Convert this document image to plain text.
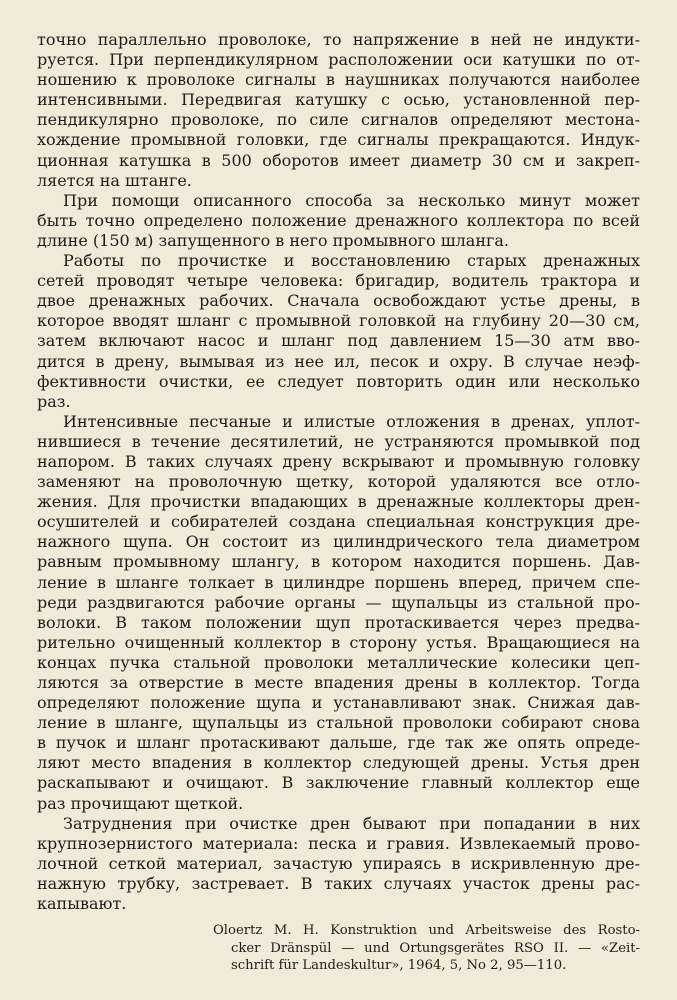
точно параллельно проволоке, то напряжение в ней не индукти-
руется. При перпендикулярном расположении оси катушки по от-
ношению к проволоке сигналы в наушниках получаются наиболее
интенсивными. Передвигая катушку с осью, установленной пер-
пендикулярно проволоке, по силе сигналов определяют местона-
хождение промывной головки, где сигналы прекращаются. Индук-
ционная катушка в 500 оборотов имеет диаметр 30 см и закреп-
ляется на штанге.
При помощи описанного способа за несколько минут может
быть точно определено положение дренажного коллектора по всей
длине (150 м) запущенного в него промывного шланга.
Работы по прочистке и восстановлению старых дренажных
сетей проводят четыре человека: бригадир, водитель трактора и
двое дренажных рабочих. Сначала освобождают устье дрены, в
которое вводят шланг с промывной головкой на глубину 20—30 см,
затем включают насос и шланг под давлением 15—30 атм вво-
дится в дрену, вымывая из нее ил, песок и охру. В случае неэф-
фективности очистки, ее следует повторить один или несколько
раз.
Интенсивные песчаные и илистые отложения в дренах, уплот-
нившиеся в течение десятилетий, не устраняются промывкой под
напором. В таких случаях дрену вскрывают и промывную головку
заменяют на проволочную щетку, которой удаляются все отло-
жения. Для прочистки впадающих в дренажные коллекторы дрен-
осушителей и собирателей создана специальная конструкция дре-
нажного щупа. Он состоит из цилиндрического тела диаметром
равным промывному шлангу, в котором находится поршень. Дав-
ление в шланге толкает в цилиндре поршень вперед, причем спе-
реди раздвигаются рабочие органы — щупальцы из стальной про-
волоки. В таком положении щуп протаскивается через предва-
рительно очищенный коллектор в сторону устья. Вращающиеся на
концах пучка стальной проволоки металлические колесики цеп-
ляются за отверстие в месте впадения дрены в коллектор. Тогда
определяют положение щупа и устанавливают знак. Снижая дав-
ление в шланге, щупальцы из стальной проволоки собирают снова
в пучок и шланг протаскивают дальше, где так же опять опреде-
ляют место впадения в коллектор следующей дрены. Устья дрен
раскапывают и очищают. В заключение главный коллектор еще
раз прочищают щеткой.
Затруднения при очистке дрен бывают при попадании в них
крупнозернистого материала: песка и гравия. Извлекаемый прово-
лочной сеткой материал, зачастую упираясь в искривленную дре-
нажную трубку, застревает. В таких случаях участок дрены рас-
капывают.
Oloertz M. H. Konstruktion und Arbeitsweise des Rosto-
cker Dränspül — und Ortungsgerätes RSO II. — «Zeit-
schrift für Landeskultur», 1964, 5, No 2, 95—110.
